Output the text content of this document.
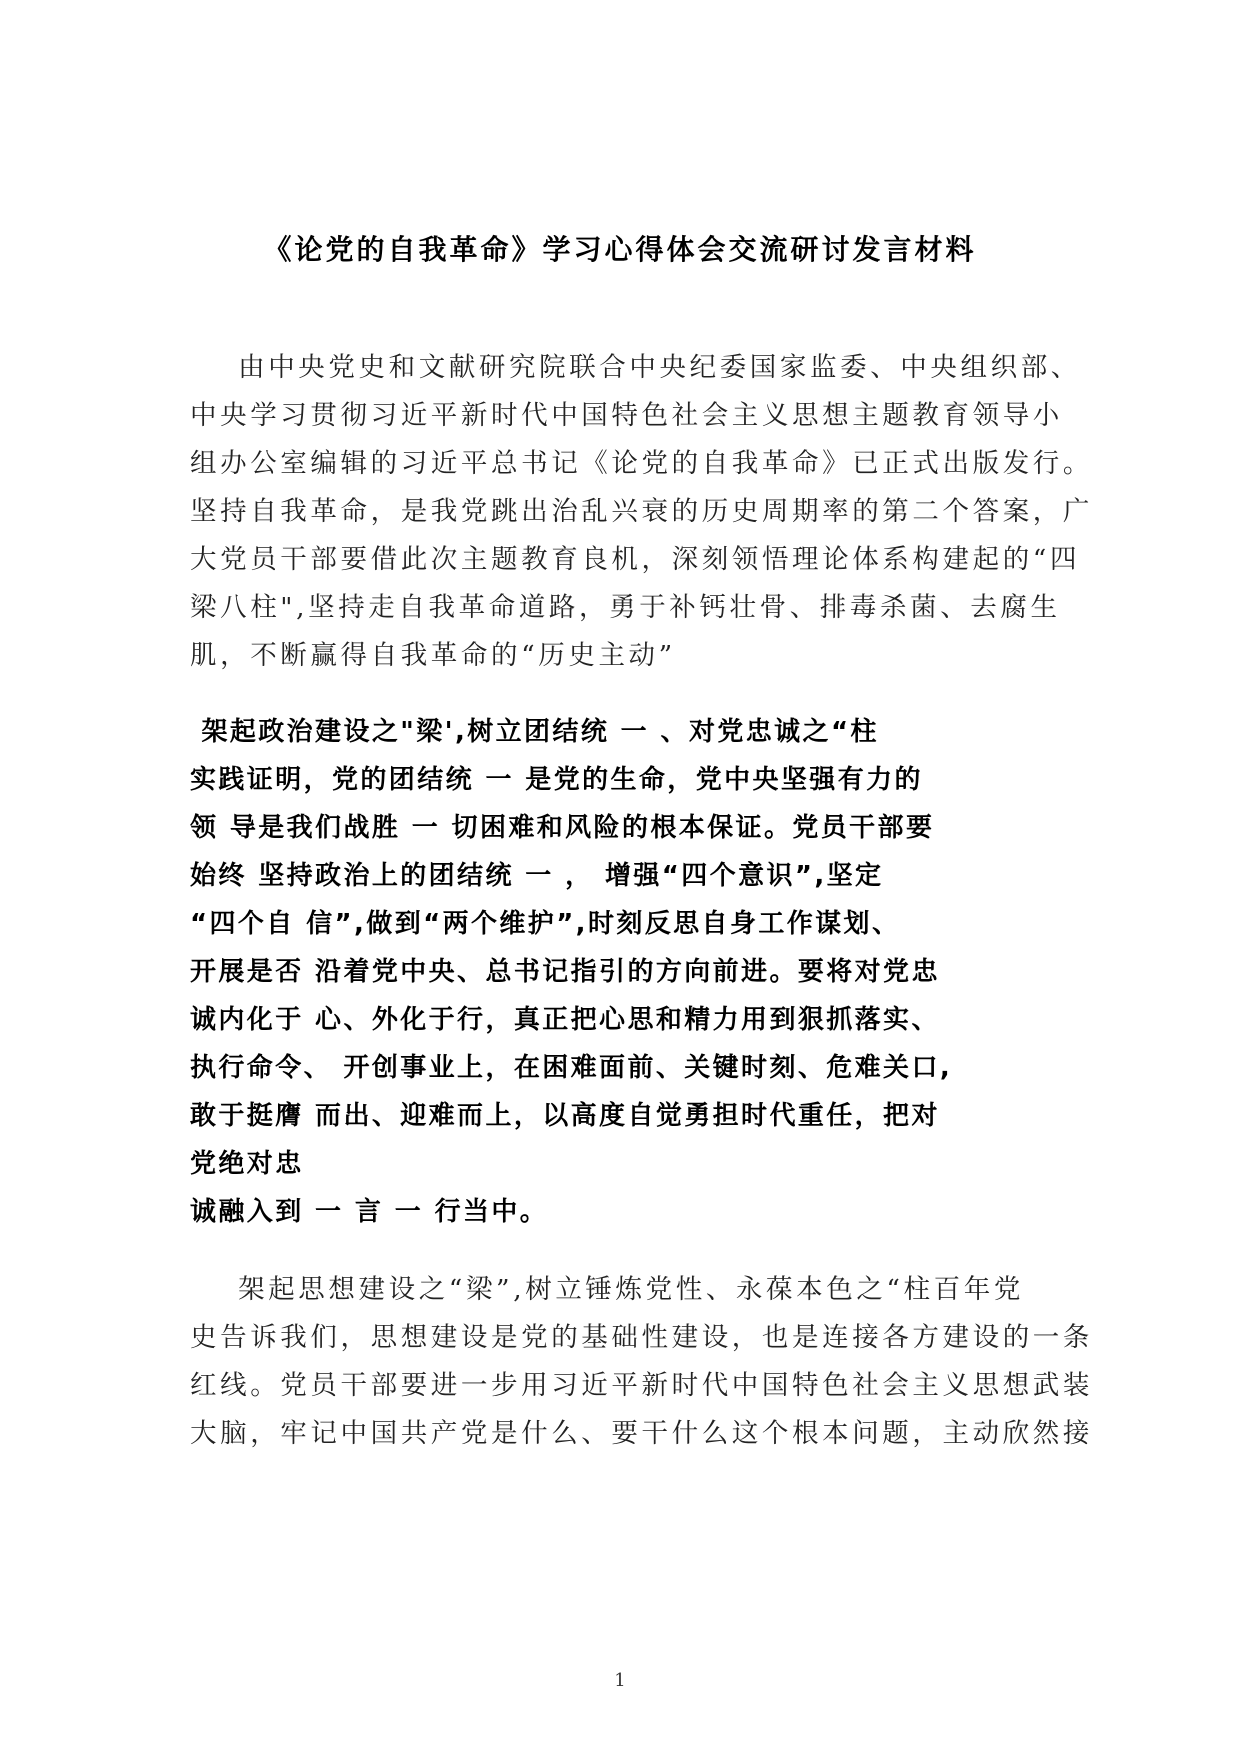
《论党的自我革命》学习心得体会交流研讨发言材料

由中央党史和文献研究院联合中央纪委国家监委、中央组织部、
中央学习贯彻习近平新时代中国特色社会主义思想主题教育领导小
组办公室编辑的习近平总书记《论党的自我革命》已正式出版发行。
坚持自我革命，是我党跳出治乱兴衰的历史周期率的第二个答案，广
大党员干部要借此次主题教育良机，深刻领悟理论体系构建起的“四
梁八柱",坚持走自我革命道路，勇于补钙壮骨、排毒杀菌、去腐生
肌，不断赢得自我革命的“历史主动”

架起政治建设之"梁',树立团结统 一 、对党忠诚之“柱
实践证明，党的团结统 一 是党的生命，党中央坚强有力的
领 导是我们战胜 一 切困难和风险的根本保证。党员干部要
始终 坚持政治上的团结统 一 ， 增强“四个意识”,坚定
“四个自 信”,做到“两个维护”,时刻反思自身工作谋划、
开展是否 沿着党中央、总书记指引的方向前进。要将对党忠
诚内化于 心、外化于行，真正把心思和精力用到狠抓落实、
执行命令、 开创事业上，在困难面前、关键时刻、危难关口,
敢于挺膺 而出、迎难而上，以高度自觉勇担时代重任，把对
党绝对忠
诚融入到 一 言 一 行当中。

架起思想建设之“梁”,树立锤炼党性、永葆本色之“柱百年党
史告诉我们，思想建设是党的基础性建设，也是连接各方建设的一条
红线。党员干部要进一步用习近平新时代中国特色社会主义思想武装
大脑，牢记中国共产党是什么、要干什么这个根本问题，主动欣然接

1
